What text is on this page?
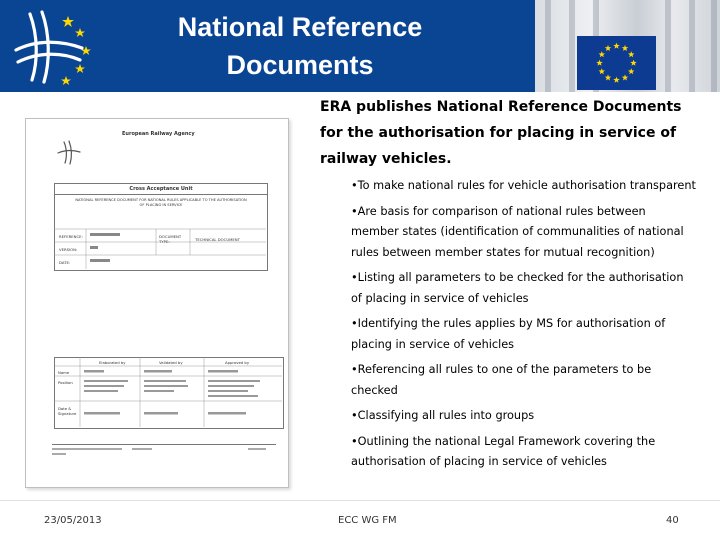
National Reference
Documents
ERA publishes National Reference Documents for the authorisation for placing in service of railway vehicles.
•To make national rules for vehicle authorisation transparent
•Are basis for comparison of national rules between member states (identification of communalities of national rules between member states for mutual recognition)
•Listing all parameters to be checked for the authorisation of placing in service of vehicles
•Identifying the rules applies by MS for authorisation of placing in service of vehicles
•Referencing all rules to one of the parameters to be checked
•Classifying all rules into groups
•Outlining the national Legal Framework covering the authorisation of placing in service of vehicles
European Railway Agency
Cross Acceptance Unit
NATIONAL REFERENCE DOCUMENT FOR NATIONAL RULES APPLICABLE TO THE AUTHORISATION OF PLACING IN SERVICE
REFERENCE:
VERSION:
DATE:
DOCUMENT TYPE:	TECHNICAL DOCUMENT
Elaborated by	Validated by	Approved by
Name
Position
Date & Signature
23/05/2013	ECC WG FM	40
